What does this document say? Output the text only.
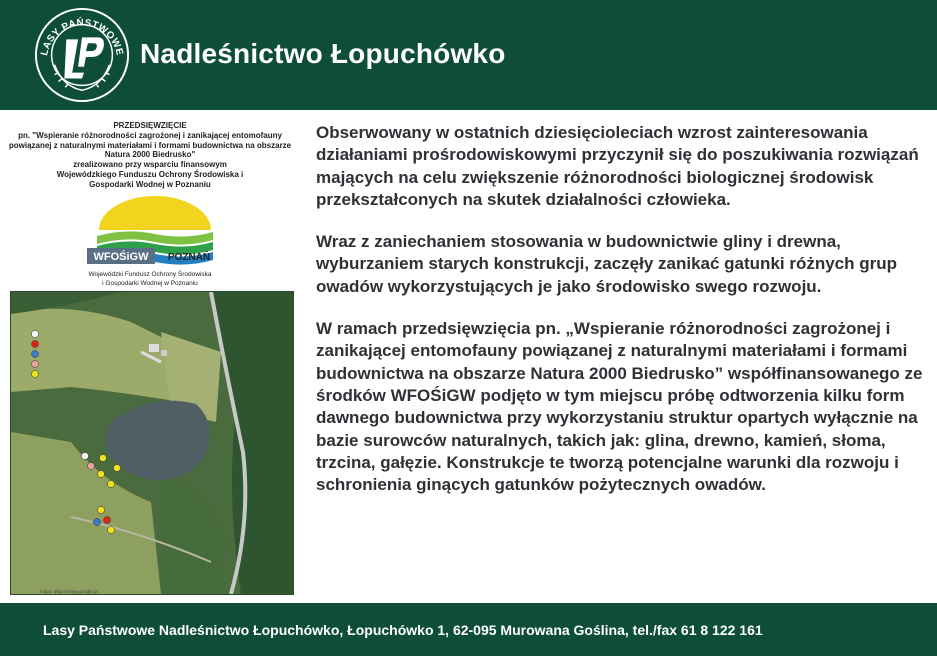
LASY PAŃSTWOWE Nadleśnictwo Łopuchówko
PRZEDSIĘWZIĘCIE
pn. "Wspieranie różnorodności zagrożonej i zanikającej entomofauny powiązanej z naturalnymi materiałami i formami budownictwa na obszarze Natura 2000 Biedrusko"
zrealizowano przy wsparciu finansowym Wojewódzkiego Funduszu Ochrony Środowiska i Gospodarki Wodnej w Poznaniu
WFOŚiGW POZNAŃ
Wojewódzki Fundusz Ochrony Środowiska
i Gospodarki Wodnej w Poznaniu
mapa: https://mapy.google.pl

Obserwowany w ostatnich dziesięcioleciach wzrost zainteresowania działaniami prośrodowiskowymi przyczynił się do poszukiwania rozwiązań mających na celu zwiększenie różnorodności biologicznej środowisk przekształconych na skutek działalności człowieka.

Wraz z zaniechaniem stosowania w budownictwie gliny i drewna, wyburzaniem starych konstrukcji, zaczęły zanikać gatunki różnych grup owadów wykorzystujących je jako środowisko swego rozwoju.

W ramach przedsięwzięcia pn. „Wspieranie różnorodności zagrożonej i zanikającej entomofauny powiązanej z naturalnymi materiałami i formami budownictwa na obszarze Natura 2000 Biedrusko” współfinansowanego ze środków WFOŚiGW podjęto w tym miejscu próbę odtworzenia kilku form dawnego budownictwa przy wykorzystaniu struktur opartych wyłącznie na bazie surowców naturalnych, takich jak: glina, drewno, kamień, słoma, trzcina, gałęzie. Konstrukcje te tworzą potencjalne warunki dla rozwoju i schronienia ginących gatunków pożytecznych owadów.

Lasy Państwowe Nadleśnictwo Łopuchówko, Łopuchówko 1, 62-095 Murowana Goślina, tel./fax 61 8 122 161
